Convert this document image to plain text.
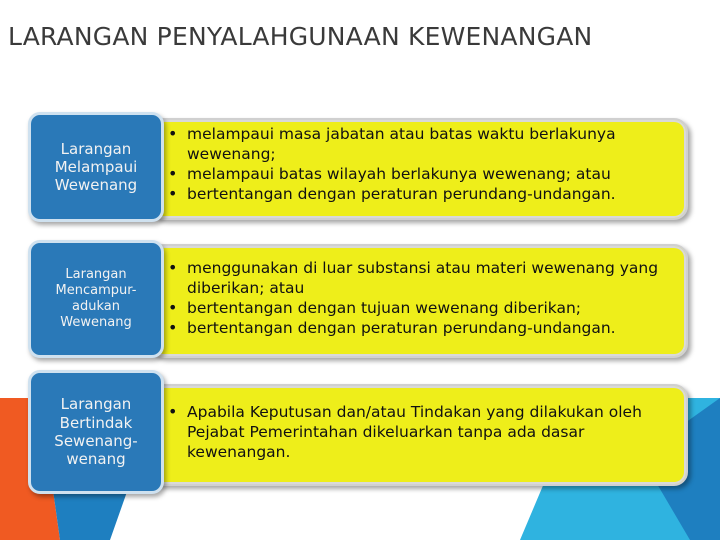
LARANGAN PENYALAHGUNAAN KEWENANGAN
Larangan
Melampaui
Wewenang
• melampaui masa jabatan atau batas waktu berlakunya wewenang;
• melampaui batas wilayah berlakunya wewenang; atau
• bertentangan dengan peraturan perundang-undangan.
Larangan
Mencampur-
adukan
Wewenang
• menggunakan di luar substansi atau materi wewenang yang diberikan; atau
• bertentangan dengan tujuan wewenang diberikan;
• bertentangan dengan peraturan perundang-undangan.
Larangan
Bertindak
Sewenang-
wenang
• Apabila Keputusan dan/atau Tindakan yang dilakukan oleh Pejabat Pemerintahan dikeluarkan tanpa ada dasar kewenangan.
